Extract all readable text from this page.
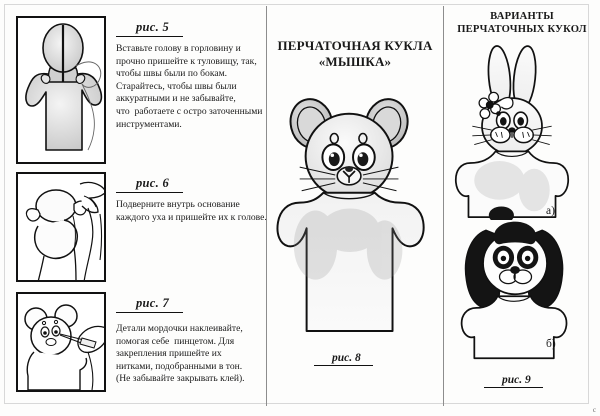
рис. 5
Вставьте голову в горловину и
прочно пришейте к туловищу, так,
чтобы швы были по бокам.
Старайтесь, чтобы швы были
аккуратными и не забывайте,
что  работаете с остро заточенными
инструментами.
рис. 6
Подверните внутрь основание
каждого уха и пришейте их к голове.
рис. 7
Детали мордочки наклеивайте,
помогая себе  пинцетом. Для
закрепления пришейте их
нитками, подобранными в тон.
(Не забывайте закрывать клей).
ПЕРЧАТОЧНАЯ КУКЛА
«МЫШКА»
рис. 8
ВАРИАНТЫ
ПЕРЧАТОЧНЫХ КУКОЛ
а)
б)
рис. 9
с
